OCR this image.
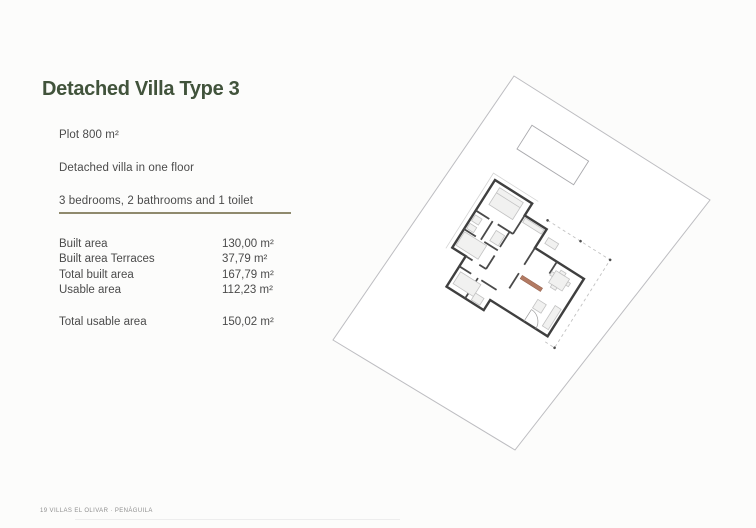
Detached Villa Type 3
Plot 800 m²
Detached villa in one floor
3 bedrooms, 2 bathrooms and 1 toilet
Built area	130,00 m²
Built area Terraces	37,79 m²
Total built area	167,79 m²
Usable area	112,23 m²
Total usable area	150,02 m²
19 VILLAS EL OLIVAR · PENÀGUILA
